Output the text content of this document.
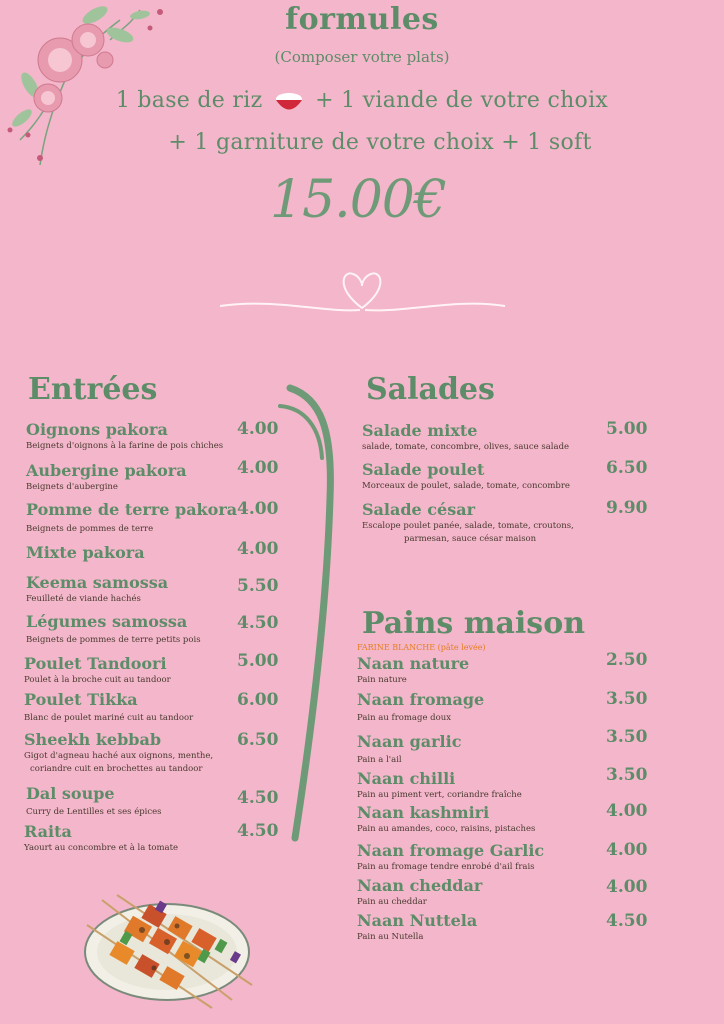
formules
(Composer votre plats)
1 base de riz + 1 viande de votre choix
+ 1 garniture de votre choix + 1 soft
15.00€
Entrées
Oignons pakora
Beignets d'oignons à la farine de pois chiches
4.00
Aubergine pakora
Beignets d'aubergine
4.00
Pomme de terre pakora
Beignets de pommes de terre
4.00
Mixte pakora	4.00
Keema samossa
Feuilleté de viande hachés
5.50
Légumes samossa
Beignets de pommes de terre petits pois
4.50
Poulet Tandoori
Poulet à la broche cuit au tandoor
5.00
Poulet Tikka
Blanc de poulet mariné cuit au tandoor
6.00
Sheekh kebbab
Gigot d'agneau haché aux oignons, menthe,
coriandre cuit en brochettes au tandoor
6.50
Dal soupe
Curry de Lentilles et ses épices
4.50
Raita
Yaourt au concombre et à la tomate
4.50
Salades
Salade mixte
salade, tomate, concombre, olives, sauce salade
5.00
Salade poulet
Morceaux de poulet, salade, tomate, concombre
6.50
Salade césar
Escalope poulet panée, salade, tomate, croutons,
parmesan, sauce césar maison
9.90
Pains maison
FARINE BLANCHE (pâte levée)
Naan nature
Pain nature
2.50
Naan fromage
Pain au fromage doux
3.50
Naan garlic
Pain a l'ail
3.50
Naan chilli
Pain au piment vert, coriandre fraîche
3.50
Naan kashmiri
Pain au amandes, coco, raisins, pistaches
4.00
Naan fromage Garlic
Pain au fromage tendre enrobé d'ail frais
4.00
Naan cheddar
Pain au cheddar
4.00
Naan Nuttela
Pain au Nutella
4.50
